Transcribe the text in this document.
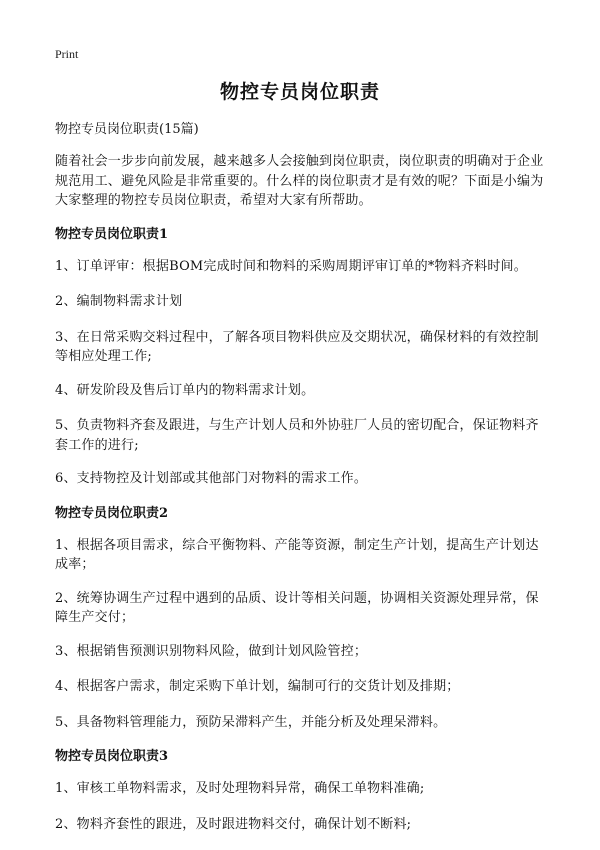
Print
物控专员岗位职责
物控专员岗位职责(15篇)
随着社会一步步向前发展，越来越多人会接触到岗位职责，岗位职责的明确对于企业规范用工、避免风险是非常重要的。什么样的岗位职责才是有效的呢？下面是小编为大家整理的物控专员岗位职责，希望对大家有所帮助。
物控专员岗位职责1
1、订单评审：根据BOM完成时间和物料的采购周期评审订单的*物料齐料时间。
2、编制物料需求计划
3、在日常采购交料过程中，了解各项目物料供应及交期状况，确保材料的有效控制等相应处理工作;
4、研发阶段及售后订单内的物料需求计划。
5、负责物料齐套及跟进，与生产计划人员和外协驻厂人员的密切配合，保证物料齐套工作的进行;
6、支持物控及计划部或其他部门对物料的需求工作。
物控专员岗位职责2
1、根据各项目需求，综合平衡物料、产能等资源，制定生产计划，提高生产计划达成率；
2、统筹协调生产过程中遇到的品质、设计等相关问题，协调相关资源处理异常，保障生产交付；
3、根据销售预测识别物料风险，做到计划风险管控；
4、根据客户需求，制定采购下单计划，编制可行的交货计划及排期；
5、具备物料管理能力，预防呆滞料产生，并能分析及处理呆滞料。
物控专员岗位职责3
1、审核工单物料需求，及时处理物料异常，确保工单物料准确;
2、物料齐套性的跟进，及时跟进物料交付，确保计划不断料;
